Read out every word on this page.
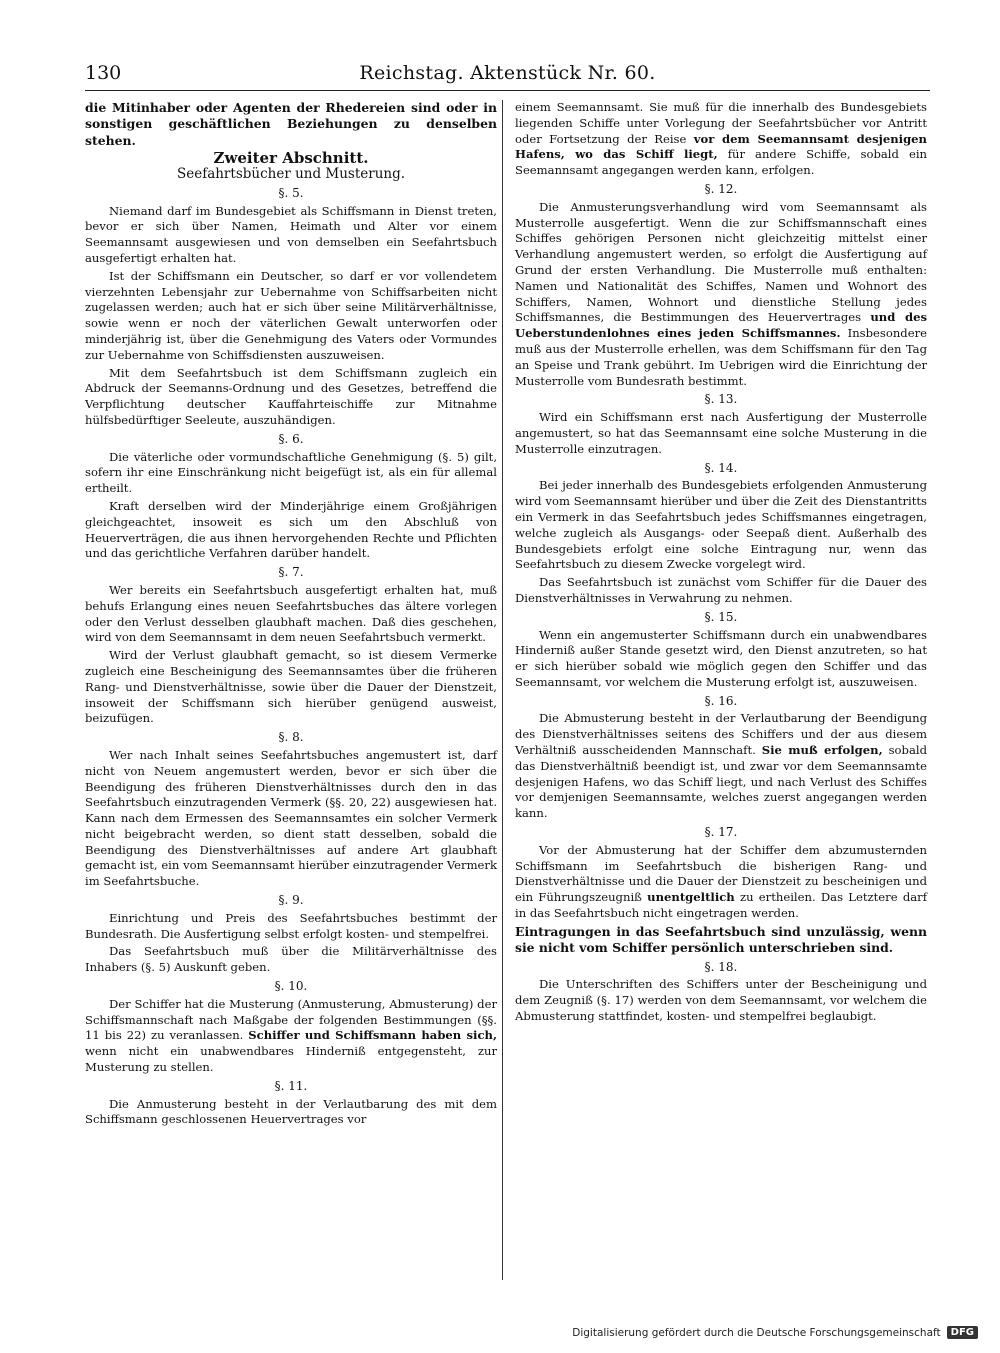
130	Reichstag. Aktenstück Nr. 60.

die Mitinhaber oder Agenten der Rhedereien sind oder in sonstigen geschäftlichen Beziehungen zu denselben stehen.

Zweiter Abschnitt.
Seefahrtsbücher und Musterung.
§. 5.

Niemand darf im Bundesgebiet als Schiffsmann in Dienst treten, bevor er sich über Namen, Heimath und Alter vor einem Seemannsamt ausgewiesen und von demselben ein Seefahrtsbuch ausgefertigt erhalten hat.

Ist der Schiffsmann ein Deutscher, so darf er vor vollendetem vierzehnten Lebensjahr zur Uebernahme von Schiffsarbeiten nicht zugelassen werden; auch hat er sich über seine Militärverhältnisse, sowie wenn er noch der väterlichen Gewalt unterworfen oder minderjährig ist, über die Genehmigung des Vaters oder Vormundes zur Uebernahme von Schiffsdiensten auszuweisen.

Mit dem Seefahrtsbuch ist dem Schiffsmann zugleich ein Abdruck der Seemanns-Ordnung und des Gesetzes, betreffend die Verpflichtung deutscher Kauffahrteischiffe zur Mitnahme hülfsbedürftiger Seeleute, auszuhändigen.

§. 6.

Die väterliche oder vormundschaftliche Genehmigung (§. 5) gilt, sofern ihr eine Einschränkung nicht beigefügt ist, als ein für allemal ertheilt.

Kraft derselben wird der Minderjährige einem Großjährigen gleichgeachtet, insoweit es sich um den Abschluß von Heuerverträgen, die aus ihnen hervorgehenden Rechte und Pflichten und das gerichtliche Verfahren darüber handelt.

§. 7.

Wer bereits ein Seefahrtsbuch ausgefertigt erhalten hat, muß behufs Erlangung eines neuen Seefahrtsbuches das ältere vorlegen oder den Verlust desselben glaubhaft machen. Daß dies geschehen, wird von dem Seemannsamt in dem neuen Seefahrtsbuch vermerkt.

Wird der Verlust glaubhaft gemacht, so ist diesem Vermerke zugleich eine Bescheinigung des Seemannsamtes über die früheren Rang- und Dienstverhältnisse, sowie über die Dauer der Dienstzeit, insoweit der Schiffsmann sich hierüber genügend ausweist, beizufügen.

§. 8.

Wer nach Inhalt seines Seefahrtsbuches angemustert ist, darf nicht von Neuem angemustert werden, bevor er sich über die Beendigung des früheren Dienstverhältnisses durch den in das Seefahrtsbuch einzutragenden Vermerk (§§. 20, 22) ausgewiesen hat. Kann nach dem Ermessen des Seemannsamtes ein solcher Vermerk nicht beigebracht werden, so dient statt desselben, sobald die Beendigung des Dienstverhältnisses auf andere Art glaubhaft gemacht ist, ein vom Seemannsamt hierüber einzutragender Vermerk im Seefahrtsbuche.

§. 9.

Einrichtung und Preis des Seefahrtsbuches bestimmt der Bundesrath. Die Ausfertigung selbst erfolgt kosten- und stempelfrei.

Das Seefahrtsbuch muß über die Militärverhältnisse des Inhabers (§. 5) Auskunft geben.

§. 10.

Der Schiffer hat die Musterung (Anmusterung, Abmusterung) der Schiffsmannschaft nach Maßgabe der folgenden Bestimmungen (§§. 11 bis 22) zu veranlassen. Schiffer und Schiffsmann haben sich, wenn nicht ein unabwendbares Hinderniß entgegensteht, zur Musterung zu stellen.

§. 11.

Die Anmusterung besteht in der Verlautbarung des mit dem Schiffsmann geschlossenen Heuervertrages vor

einem Seemannsamt. Sie muß für die innerhalb des Bundesgebiets liegenden Schiffe unter Vorlegung der Seefahrtsbücher vor Antritt oder Fortsetzung der Reise vor dem Seemannsamt desjenigen Hafens, wo das Schiff liegt, für andere Schiffe, sobald ein Seemannsamt angegangen werden kann, erfolgen.

§. 12.

Die Anmusterungsverhandlung wird vom Seemannsamt als Musterrolle ausgefertigt. Wenn die zur Schiffsmannschaft eines Schiffes gehörigen Personen nicht gleichzeitig mittelst einer Verhandlung angemustert werden, so erfolgt die Ausfertigung auf Grund der ersten Verhandlung. Die Musterrolle muß enthalten: Namen und Nationalität des Schiffes, Namen und Wohnort des Schiffers, Namen, Wohnort und dienstliche Stellung jedes Schiffsmannes, die Bestimmungen des Heuervertrages und des Ueberstundenlohnes eines jeden Schiffsmannes. Insbesondere muß aus der Musterrolle erhellen, was dem Schiffsmann für den Tag an Speise und Trank gebührt. Im Uebrigen wird die Einrichtung der Musterrolle vom Bundesrath bestimmt.

§. 13.

Wird ein Schiffsmann erst nach Ausfertigung der Musterrolle angemustert, so hat das Seemannsamt eine solche Musterung in die Musterrolle einzutragen.

§. 14.

Bei jeder innerhalb des Bundesgebiets erfolgenden Anmusterung wird vom Seemannsamt hierüber und über die Zeit des Dienstantritts ein Vermerk in das Seefahrtsbuch jedes Schiffsmannes eingetragen, welche zugleich als Ausgangs- oder Seepaß dient. Außerhalb des Bundesgebiets erfolgt eine solche Eintragung nur, wenn das Seefahrtsbuch zu diesem Zwecke vorgelegt wird.

Das Seefahrtsbuch ist zunächst vom Schiffer für die Dauer des Dienstverhältnisses in Verwahrung zu nehmen.

§. 15.

Wenn ein angemusterter Schiffsmann durch ein unabwendbares Hinderniß außer Stande gesetzt wird, den Dienst anzutreten, so hat er sich hierüber sobald wie möglich gegen den Schiffer und das Seemannsamt, vor welchem die Musterung erfolgt ist, auszuweisen.

§. 16.

Die Abmusterung besteht in der Verlautbarung der Beendigung des Dienstverhältnisses seitens des Schiffers und der aus diesem Verhältniß ausscheidenden Mannschaft. Sie muß erfolgen, sobald das Dienstverhältniß beendigt ist, und zwar vor dem Seemannsamte desjenigen Hafens, wo das Schiff liegt, und nach Verlust des Schiffes vor demjenigen Seemannsamte, welches zuerst angegangen werden kann.

§. 17.

Vor der Abmusterung hat der Schiffer dem abzumusternden Schiffsmann im Seefahrtsbuch die bisherigen Rang- und Dienstverhältnisse und die Dauer der Dienstzeit zu bescheinigen und ein Führungszeugniß unentgeltlich zu ertheilen. Das Letztere darf in das Seefahrtsbuch nicht eingetragen werden.

Eintragungen in das Seefahrtsbuch sind unzulässig, wenn sie nicht vom Schiffer persönlich unterschrieben sind.

§. 18.

Die Unterschriften des Schiffers unter der Bescheinigung und dem Zeugniß (§. 17) werden von dem Seemannsamt, vor welchem die Abmusterung stattfindet, kosten- und stempelfrei beglaubigt.

Digitalisierung gefördert durch die Deutsche Forschungsgemeinschaft	DFG
